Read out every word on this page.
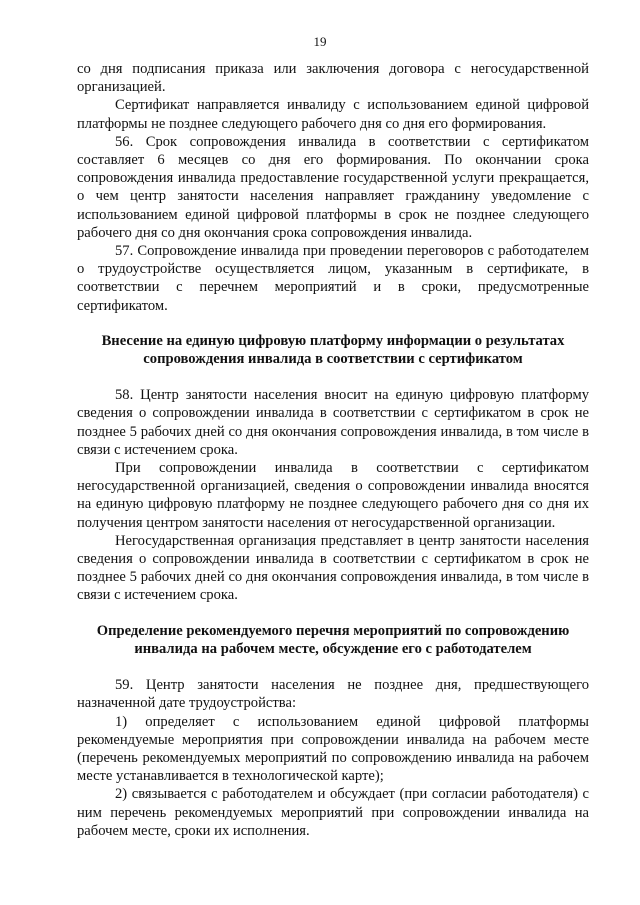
19

со дня подписания приказа или заключения договора с негосударственной организацией.

Сертификат направляется инвалиду с использованием единой цифровой платформы не позднее следующего рабочего дня со дня его формирования.

56. Срок сопровождения инвалида в соответствии с сертификатом составляет 6 месяцев со дня его формирования. По окончании срока сопровождения инвалида предоставление государственной услуги прекращается, о чем центр занятости населения направляет гражданину уведомление с использованием единой цифровой платформы в срок не позднее следующего рабочего дня со дня окончания срока сопровождения инвалида.

57. Сопровождение инвалида при проведении переговоров с работодателем о трудоустройстве осуществляется лицом, указанным в сертификате, в соответствии с перечнем мероприятий и в сроки, предусмотренные сертификатом.

Внесение на единую цифровую платформу информации о результатах сопровождения инвалида в соответствии с сертификатом

58. Центр занятости населения вносит на единую цифровую платформу сведения о сопровождении инвалида в соответствии с сертификатом в срок не позднее 5 рабочих дней со дня окончания сопровождения инвалида, в том числе в связи с истечением срока.

При сопровождении инвалида в соответствии с сертификатом негосударственной организацией, сведения о сопровождении инвалида вносятся на единую цифровую платформу не позднее следующего рабочего дня со дня их получения центром занятости населения от негосударственной организации.

Негосударственная организация представляет в центр занятости населения сведения о сопровождении инвалида в соответствии с сертификатом в срок не позднее 5 рабочих дней со дня окончания сопровождения инвалида, в том числе в связи с истечением срока.

Определение рекомендуемого перечня мероприятий по сопровождению инвалида на рабочем месте, обсуждение его с работодателем

59. Центр занятости населения не позднее дня, предшествующего назначенной дате трудоустройства:

1) определяет с использованием единой цифровой платформы рекомендуемые мероприятия при сопровождении инвалида на рабочем месте (перечень рекомендуемых мероприятий по сопровождению инвалида на рабочем месте устанавливается в технологической карте);

2) связывается с работодателем и обсуждает (при согласии работодателя) с ним перечень рекомендуемых мероприятий при сопровождении инвалида на рабочем месте, сроки их исполнения.
